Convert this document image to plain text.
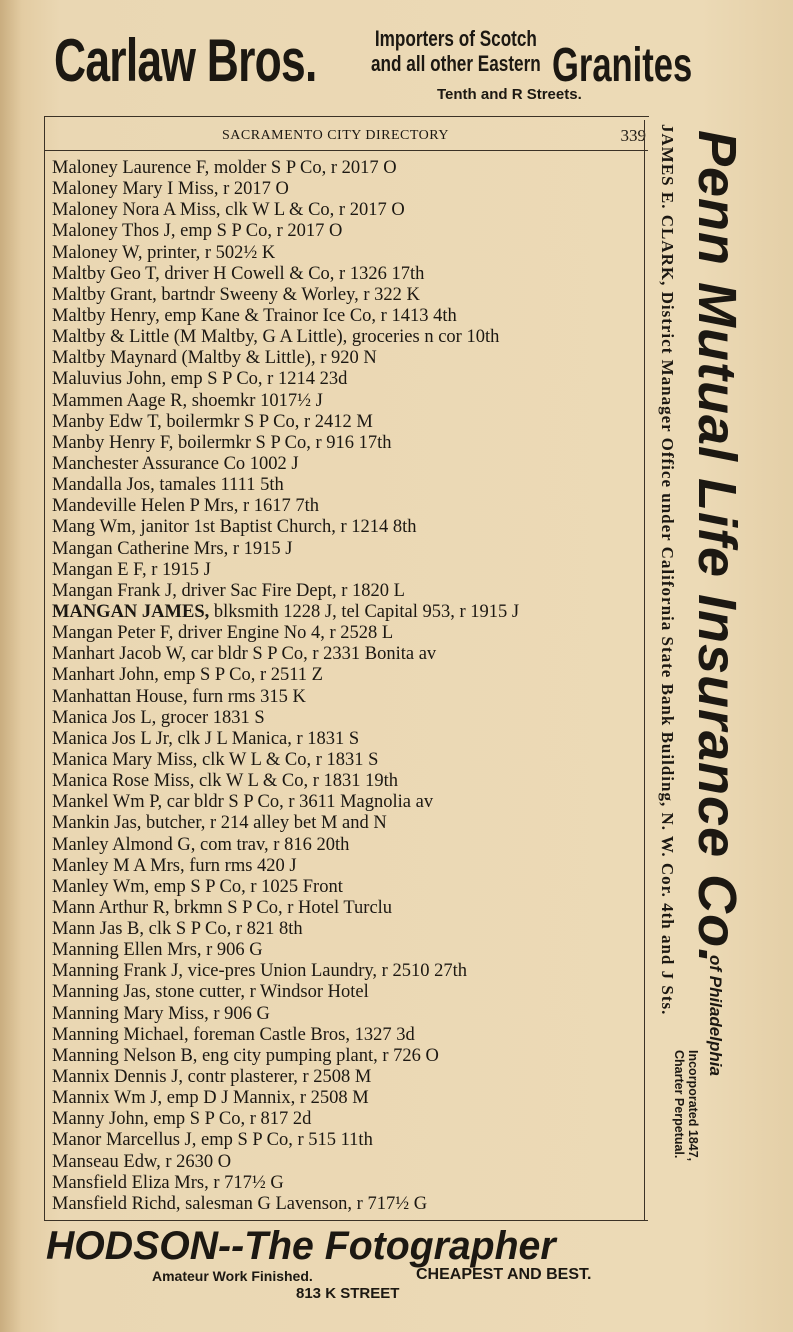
Carlaw Bros.	Importers of Scotch
and all other Eastern Granites
Tenth and R Streets.
SACRAMENTO CITY DIRECTORY	339
Maloney Laurence F, molder S P Co, r 2017 O
Maloney Mary I Miss, r 2017 O
Maloney Nora A Miss, clk W L & Co, r 2017 O
Maloney Thos J, emp S P Co, r 2017 O
Maloney W, printer, r 502½ K
Maltby Geo T, driver H Cowell & Co, r 1326 17th
Maltby Grant, bartndr Sweeny & Worley, r 322 K
Maltby Henry, emp Kane & Trainor Ice Co, r 1413 4th
Maltby & Little (M Maltby, G A Little), groceries n cor 10th
Maltby Maynard (Maltby & Little), r 920 N
Maluvius John, emp S P Co, r 1214 23d
Mammen Aage R, shoemkr 1017½ J
Manby Edw T, boilermkr S P Co, r 2412 M
Manby Henry F, boilermkr S P Co, r 916 17th
Manchester Assurance Co 1002 J
Mandalla Jos, tamales 1111 5th
Mandeville Helen P Mrs, r 1617 7th
Mang Wm, janitor 1st Baptist Church, r 1214 8th
Mangan Catherine Mrs, r 1915 J
Mangan E F, r 1915 J
Mangan Frank J, driver Sac Fire Dept, r 1820 L
MANGAN JAMES, blksmith 1228 J, tel Capital 953, r 1915 J
Mangan Peter F, driver Engine No 4, r 2528 L
Manhart Jacob W, car bldr S P Co, r 2331 Bonita av
Manhart John, emp S P Co, r 2511 Z
Manhattan House, furn rms 315 K
Manica Jos L, grocer 1831 S
Manica Jos L Jr, clk J L Manica, r 1831 S
Manica Mary Miss, clk W L & Co, r 1831 S
Manica Rose Miss, clk W L & Co, r 1831 19th
Mankel Wm P, car bldr S P Co, r 3611 Magnolia av
Mankin Jas, butcher, r 214 alley bet M and N
Manley Almond G, com trav, r 816 20th
Manley M A Mrs, furn rms 420 J
Manley Wm, emp S P Co, r 1025 Front
Mann Arthur R, brkmn S P Co, r Hotel Turclu
Mann Jas B, clk S P Co, r 821 8th
Manning Ellen Mrs, r 906 G
Manning Frank J, vice-pres Union Laundry, r 2510 27th
Manning Jas, stone cutter, r Windsor Hotel
Manning Mary Miss, r 906 G
Manning Michael, foreman Castle Bros, 1327 3d
Manning Nelson B, eng city pumping plant, r 726 O
Mannix Dennis J, contr plasterer, r 2508 M
Mannix Wm J, emp D J Mannix, r 2508 M
Manny John, emp S P Co, r 817 2d
Manor Marcellus J, emp S P Co, r 515 11th
Manseau Edw, r 2630 O
Mansfield Eliza Mrs, r 717½ G
Mansfield Richd, salesman G Lavenson, r 717½ G
JAMES E. CLARK, District Manager Office under California State Bank Building, N. W. Cor. 4th and J Sts. Penn Mutual Life Insurance Co.
of Philadelphia
Incorporated 1847,
Charter Perpetual.
HODSON--The Fotographer
Amateur Work Finished.	CHEAPEST AND BEST.
813 K STREET
